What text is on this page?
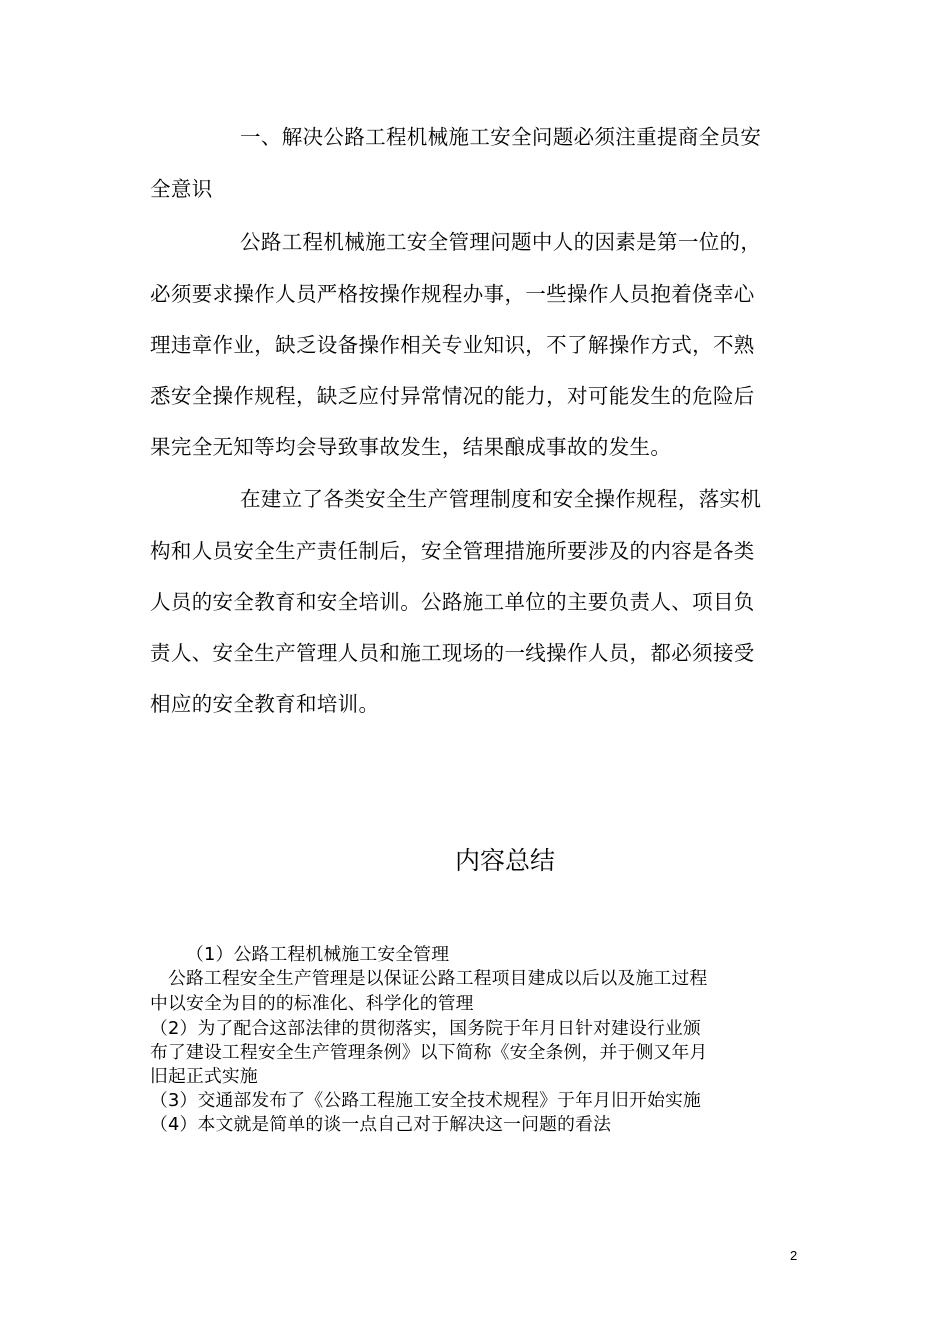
一、解决公路工程机械施工安全问题必须注重提商全员安
全意识
公路工程机械施工安全管理问题中人的因素是第一位的，
必须要求操作人员严格按操作规程办事，一些操作人员抱着侥幸心
理违章作业，缺乏设备操作相关专业知识，不了解操作方式，不熟
悉安全操作规程，缺乏应付异常情况的能力，对可能发生的危险后
果完全无知等均会导致事故发生，结果酿成事故的发生。
在建立了各类安全生产管理制度和安全操作规程，落实机
构和人员安全生产责任制后，安全管理措施所要涉及的内容是各类
人员的安全教育和安全培训。公路施工单位的主要负责人、项目负
责人、安全生产管理人员和施工现场的一线操作人员，都必须接受
相应的安全教育和培训。
内容总结
（1）公路工程机械施工安全管理
公路工程安全生产管理是以保证公路工程项目建成以后以及施工过程
中以安全为目的的标准化、科学化的管理
（2）为了配合这部法律的贯彻落实，国务院于年月日针对建设行业颁
布了建设工程安全生产管理条例》以下简称《安全条例，并于侧又年月
旧起正式实施
（3）交通部发布了《公路工程施工安全技术规程》于年月旧开始实施
（4）本文就是简单的谈一点自己对于解决这一问题的看法
2
